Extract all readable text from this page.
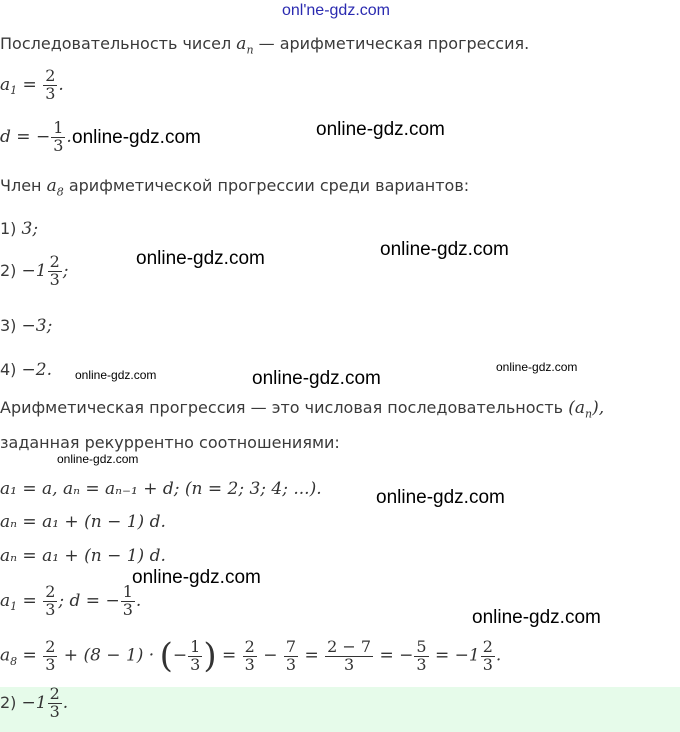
onl'ne-gdz.com
Последовательность чисел $a_n$ — арифметическая прогрессия.
$a_1 = \frac{2}{3}$ .
d = − $\frac{1}{3}$ .
Член $a_8$ арифметической прогрессии среди вариантов:
1) 3;
$2) -1 \frac{2}{3}$ ;
3) −3;
4) −2.
Арифметическая прогрессия — это числовая последовательность $(a_n)$,
заданная рекуррентно соотношениями:
a₁ = a, aₙ = aₙ₋₁ + d; (n = 2; 3; 4; ...).
aₙ = a₁ + (n − 1) d.
aₙ = a₁ + (n − 1) d.
$a_1 = \frac{2}{3}$ ; d = − $\frac{1}{3}$ .
$a_8 = \frac{2}{3} + (8 - 1)$ · (− $\frac{1}{3}$ ) = $\frac{2}{3} - \frac{7}{3} = \frac{2 - 7}{3}$ = − $\frac{5}{3} = -1 \frac{2}{3}$ .
$2) -1 \frac{2}{3}$ .
online-gdz.com	online-gdz.com
online-gdz.com
online-gdz.com
online-gdz.com	online-gdz.com
online-gdz.com
online-gdz.com
online-gdz.com
online-gdz.com
online-gdz.com
